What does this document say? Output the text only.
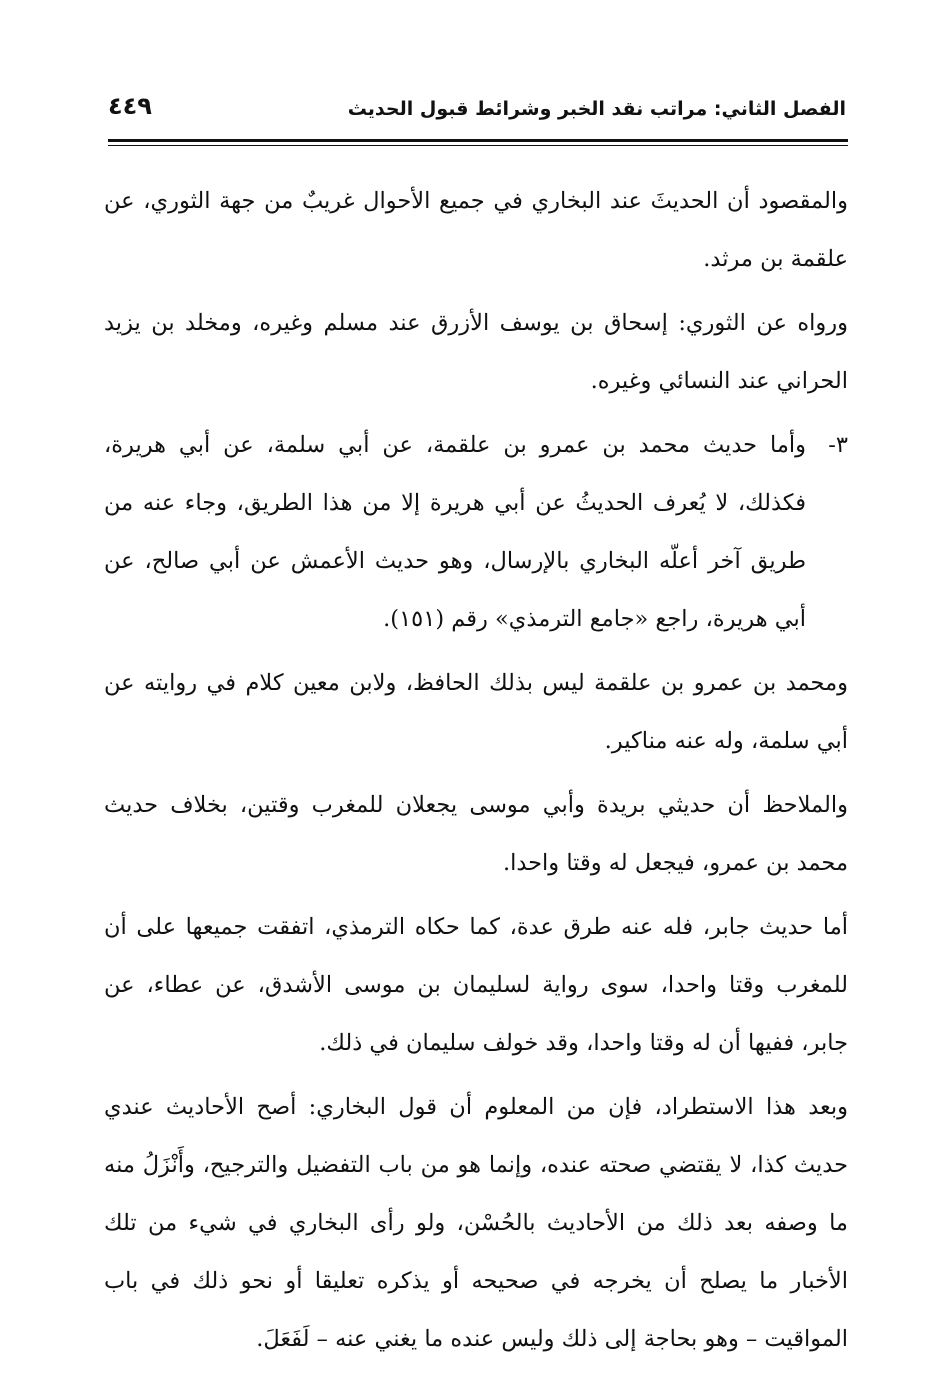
الفصل الثاني: مراتب نقد الخبر وشرائط قبول الحديث
٤٤٩

والمقصود أن الحديثَ عند البخاري في جميع الأحوال غريبٌ من جهة الثوري، عن علقمة بن مرثد.

ورواه عن الثوري: إسحاق بن يوسف الأزرق عند مسلم وغيره، ومخلد بن يزيد الحراني عند النسائي وغيره.

٣-
وأما حديث محمد بن عمرو بن علقمة، عن أبي سلمة، عن أبي هريرة، فكذلك، لا يُعرف الحديثُ عن أبي هريرة إلا من هذا الطريق، وجاء عنه من طريق آخر أعلّه البخاري بالإرسال، وهو حديث الأعمش عن أبي صالح، عن أبي هريرة، راجع «جامع الترمذي» رقم (١٥١).

ومحمد بن عمرو بن علقمة ليس بذلك الحافظ، ولابن معين كلام في روايته عن أبي سلمة، وله عنه مناكير.

والملاحظ أن حديثي بريدة وأبي موسى يجعلان للمغرب وقتين، بخلاف حديث محمد بن عمرو، فيجعل له وقتا واحدا.

أما حديث جابر، فله عنه طرق عدة، كما حكاه الترمذي، اتفقت جميعها على أن للمغرب وقتا واحدا، سوى رواية لسليمان بن موسى الأشدق، عن عطاء، عن جابر، ففيها أن له وقتا واحدا، وقد خولف سليمان في ذلك.

وبعد هذا الاستطراد، فإن من المعلوم أن قول البخاري: أصح الأحاديث عندي حديث كذا، لا يقتضي صحته عنده، وإنما هو من باب التفضيل والترجيح، وأَنْزَلُ منه ما وصفه بعد ذلك من الأحاديث بالحُسْن، ولو رأى البخاري في شيء من تلك الأخبار ما يصلح أن يخرجه في صحيحه أو يذكره تعليقا أو نحو ذلك في باب المواقيت – وهو بحاجة إلى ذلك وليس عنده ما يغني عنه – لَفَعَلَ.
